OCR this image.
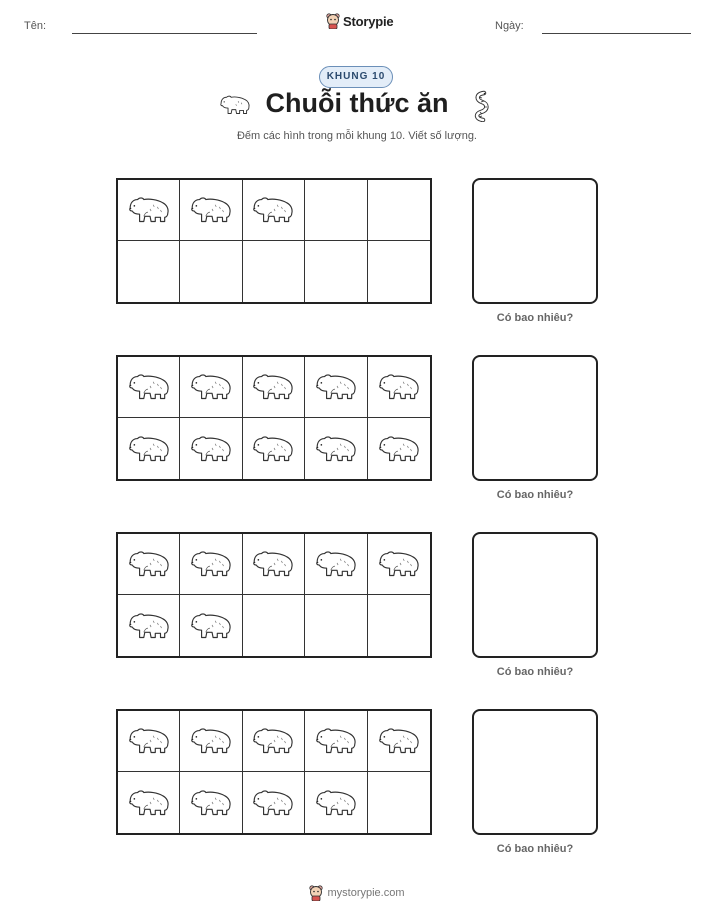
Tên:	Storypie	Ngày:
KHUNG 10
Chuỗi thức ăn
Đếm các hình trong mỗi khung 10. Viết số lượng.
Có bao nhiêu?
Có bao nhiêu?
Có bao nhiêu?
Có bao nhiêu?
mystorypie.com
